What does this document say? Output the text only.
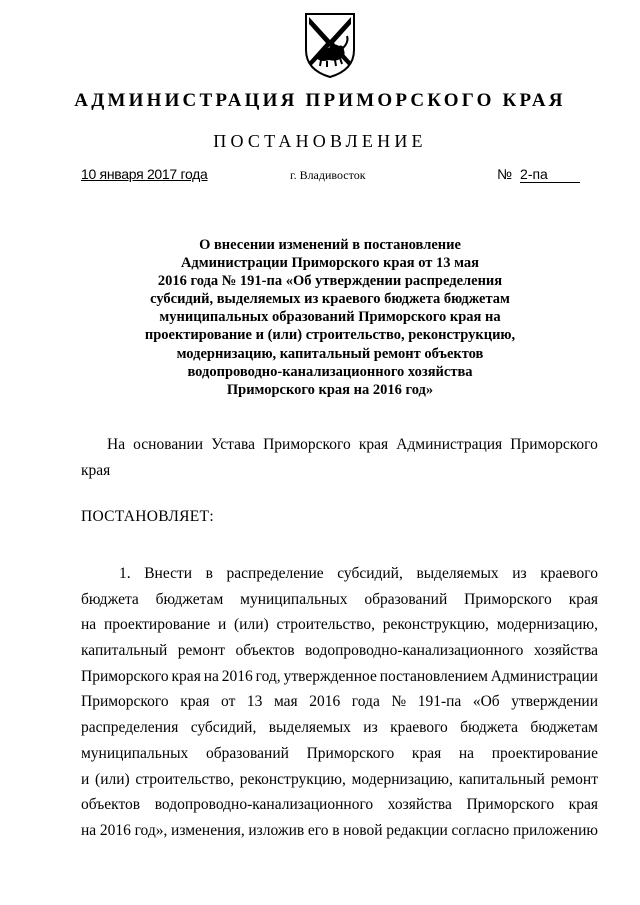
АДМИНИСТРАЦИЯ ПРИМОРСКОГО КРАЯ
ПОСТАНОВЛЕНИЕ
10 января 2017 года	г. Владивосток	№ 2-па
О внесении изменений в постановление
Администрации Приморского края от 13 мая
2016 года № 191-па «Об утверждении распределения
субсидий, выделяемых из краевого бюджета бюджетам
муниципальных образований Приморского края на
проектирование и (или) строительство, реконструкцию,
модернизацию, капитальный ремонт объектов
водопроводно-канализационного хозяйства
Приморского края на 2016 год»
На основании Устава Приморского края Администрация Приморского
края
ПОСТАНОВЛЯЕТ:
1. Внести в распределение субсидий, выделяемых из краевого
бюджета бюджетам муниципальных образований Приморского края
на проектирование и (или) строительство, реконструкцию, модернизацию,
капитальный ремонт объектов водопроводно-канализационного хозяйства
Приморского края на 2016 год, утвержденное постановлением Администрации
Приморского края от 13 мая 2016 года № 191-па «Об утверждении
распределения субсидий, выделяемых из краевого бюджета бюджетам
муниципальных образований Приморского края на проектирование
и (или) строительство, реконструкцию, модернизацию, капитальный ремонт
объектов водопроводно-канализационного хозяйства Приморского края
на 2016 год», изменения, изложив его в новой редакции согласно приложению
